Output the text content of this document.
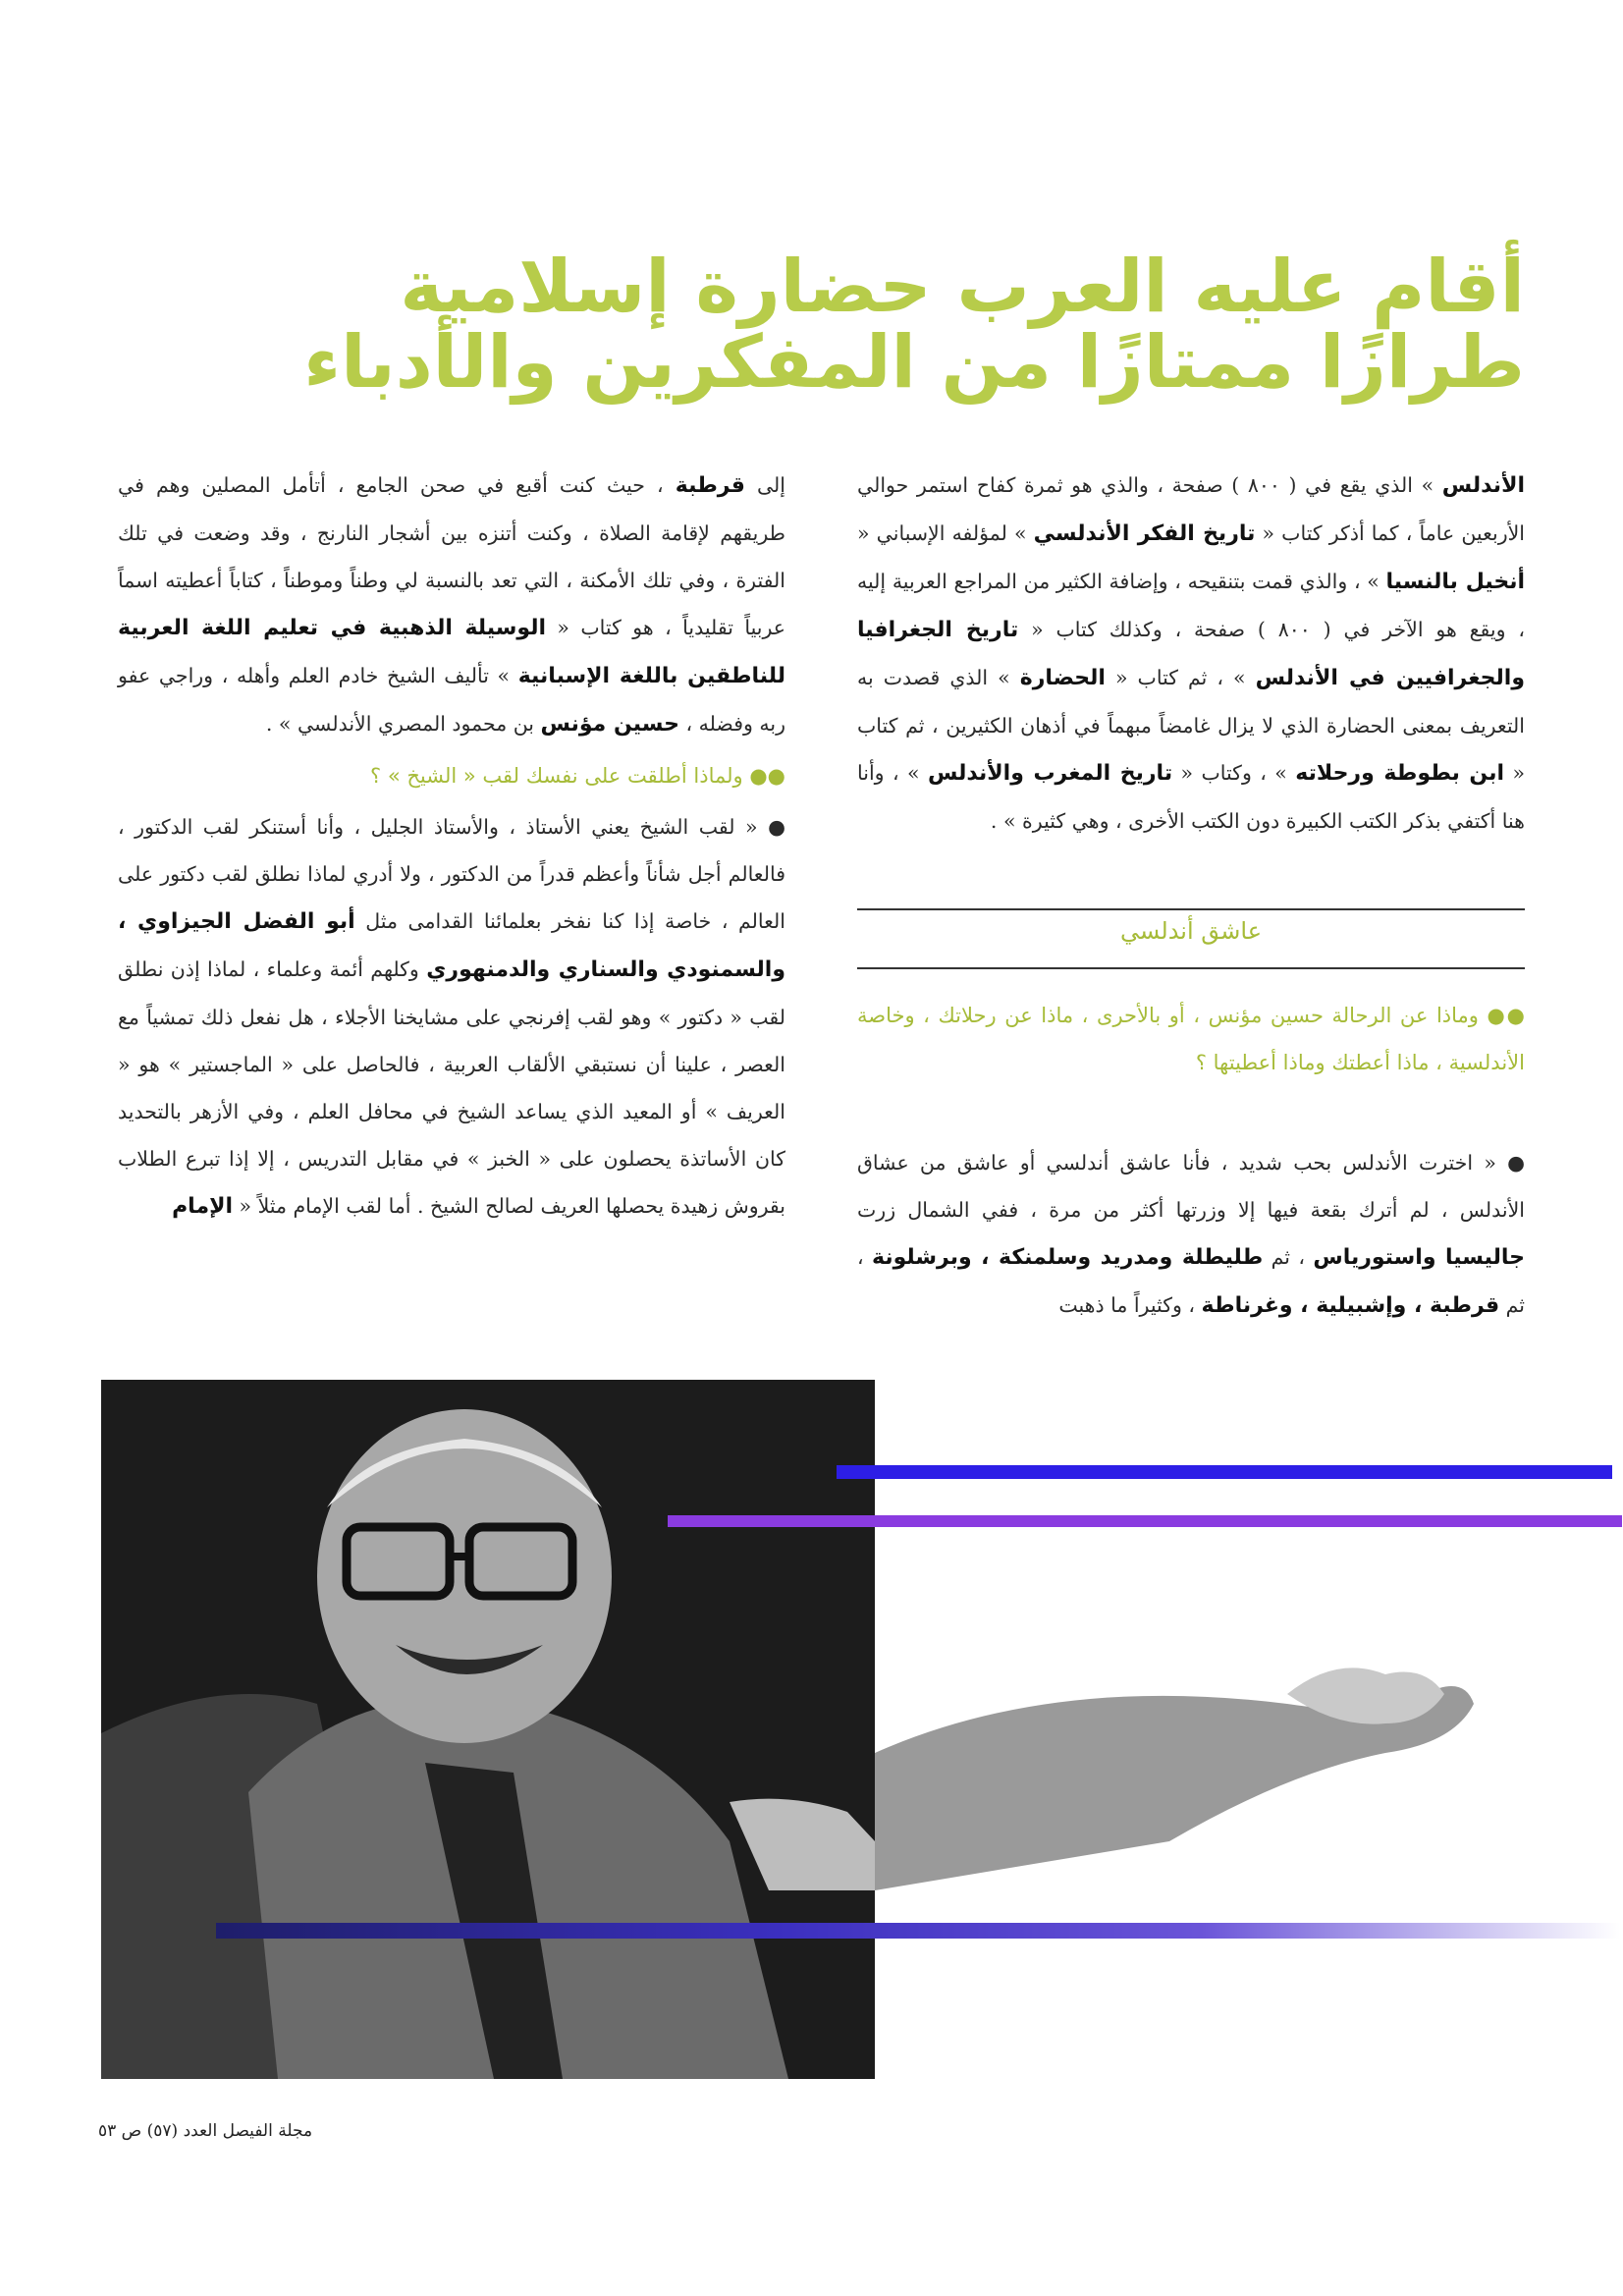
أقام عليه العرب حضارة إسلامية
طرازًا ممتازًا من المفكرين والأدباء

الأندلس » الذي يقع في ( ٨٠٠ ) صفحة ، والذي هو ثمرة كفاح استمر حوالي الأربعين عاماً ، كما أذكر كتاب « تاريخ الفكر الأندلسي » لمؤلفه الإسباني « أنخيل بالنسيا » ، والذي قمت بتنقيحه ، وإضافة الكثير من المراجع العربية إليه ، ويقع هو الآخر في ( ٨٠٠ ) صفحة ، وكذلك كتاب « تاريخ الجغرافيا والجغرافيين في الأندلس » ، ثم كتاب « الحضارة » الذي قصدت به التعريف بمعنى الحضارة الذي لا يزال غامضاً مبهماً في أذهان الكثيرين ، ثم كتاب « ابن بطوطة ورحلاته » ، وكتاب « تاريخ المغرب والأندلس » ، وأنا هنا أكتفي بذكر الكتب الكبيرة دون الكتب الأخرى ، وهي كثيرة » .

عاشق أندلسي

●● وماذا عن الرحالة حسين مؤنس ، أو بالأحرى ، ماذا عن رحلاتك ، وخاصة الأندلسية ، ماذا أعطتك وماذا أعطيتها ؟

● « اخترت الأندلس بحب شديد ، فأنا عاشق أندلسي أو عاشق من عشاق الأندلس ، لم أترك بقعة فيها إلا وزرتها أكثر من مرة ، ففي الشمال زرت جاليسيا واستورياس ، ثم طليطلة ومدريد وسلمنكة ، وبرشلونة ، ثم قرطبة ، وإشبيلية ، وغرناطة ، وكثيراً ما ذهبت

إلى قرطبة ، حيث كنت أقبع في صحن الجامع ، أتأمل المصلين وهم في طريقهم لإقامة الصلاة ، وكنت أتنزه بين أشجار النارنج ، وقد وضعت في تلك الفترة ، وفي تلك الأمكنة ، التي تعد بالنسبة لي وطناً وموطناً ، كتاباً أعطيته اسماً عربياً تقليدياً ، هو كتاب « الوسيلة الذهبية في تعليم اللغة العربية للناطقين باللغة الإسبانية » تأليف الشيخ خادم العلم وأهله ، وراجي عفو ربه وفضله ، حسين مؤنس بن محمود المصري الأندلسي » .

●● ولماذا أطلقت على نفسك لقب « الشيخ » ؟

● « لقب الشيخ يعني الأستاذ ، والأستاذ الجليل ، وأنا أستنكر لقب الدكتور ، فالعالم أجل شأناً وأعظم قدراً من الدكتور ، ولا أدري لماذا نطلق لقب دكتور على العالم ، خاصة إذا كنا نفخر بعلمائنا القدامى مثل أبو الفضل الجيزاوي ، والسمنودي والسناري والدمنهوري وكلهم أئمة وعلماء ، لماذا إذن نطلق لقب « دكتور » وهو لقب إفرنجي على مشايخنا الأجلاء ، هل نفعل ذلك تمشياً مع العصر ، علينا أن نستبقي الألقاب العربية ، فالحاصل على « الماجستير » هو « العريف » أو المعيد الذي يساعد الشيخ في محافل العلم ، وفي الأزهر بالتحديد كان الأساتذة يحصلون على « الخبز » في مقابل التدريس ، إلا إذا تبرع الطلاب بقروش زهيدة يحصلها العريف لصالح الشيخ . أما لقب الإمام مثلاً « الإمام

مجلة الفيصل العدد (٥٧) ص ٥٣
